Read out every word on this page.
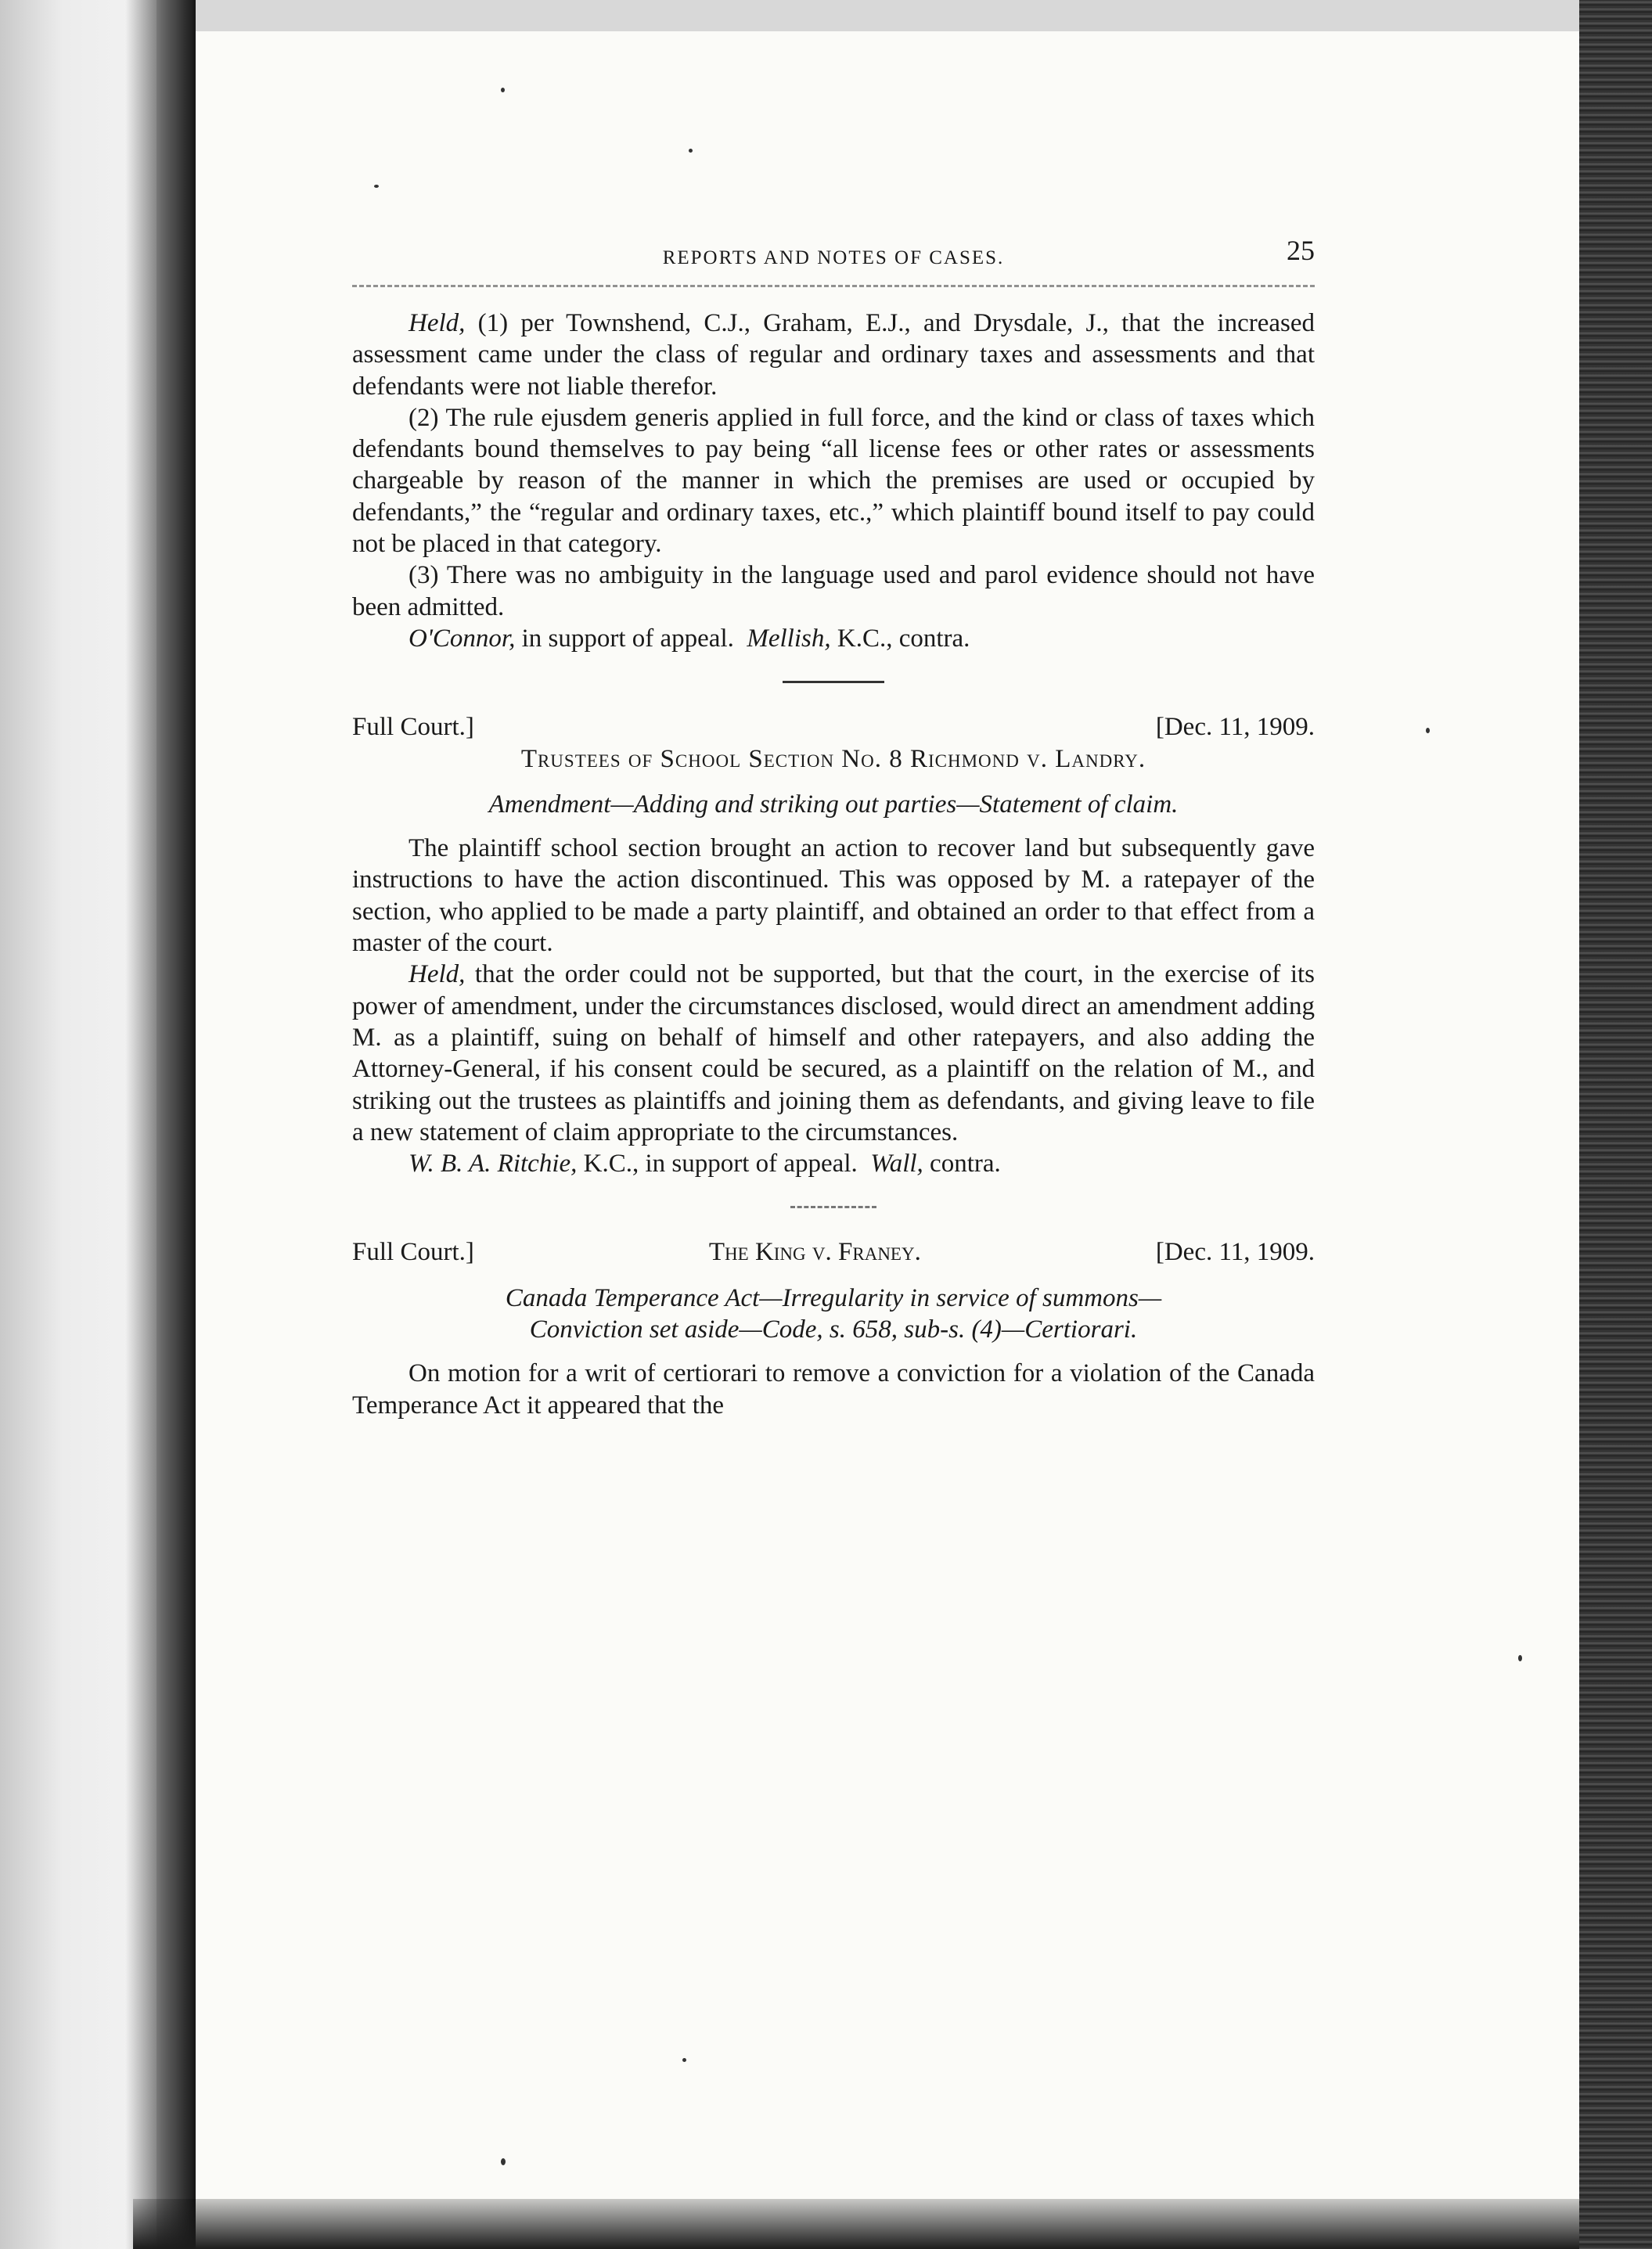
REPORTS AND NOTES OF CASES.	25

Held, (1) per Townshend, C.J., Graham, E.J., and Drysdale, J., that the increased assessment came under the class of regular and ordinary taxes and assessments and that defendants were not liable therefor.

(2) The rule ejusdem generis applied in full force, and the kind or class of taxes which defendants bound themselves to pay being “all license fees or other rates or assessments chargeable by reason of the manner in which the premises are used or occupied by defendants,” the “regular and ordinary taxes, etc.,” which plaintiff bound itself to pay could not be placed in that category.

(3) There was no ambiguity in the language used and parol evidence should not have been admitted.

O'Connor, in support of appeal. Mellish, K.C., contra.

Full Court.]	[Dec. 11, 1909.
Trustees of School Section No. 8 Richmond v. Landry.
Amendment—Adding and striking out parties—Statement of claim.

The plaintiff school section brought an action to recover land but subsequently gave instructions to have the action discontinued. This was opposed by M. a ratepayer of the section, who applied to be made a party plaintiff, and obtained an order to that effect from a master of the court.

Held, that the order could not be supported, but that the court, in the exercise of its power of amendment, under the circumstances disclosed, would direct an amendment adding M. as a plaintiff, suing on behalf of himself and other ratepayers, and also adding the Attorney-General, if his consent could be secured, as a plaintiff on the relation of M., and striking out the trustees as plaintiffs and joining them as defendants, and giving leave to file a new statement of claim appropriate to the circumstances.

W. B. A. Ritchie, K.C., in support of appeal. Wall, contra.

Full Court.]	The King v. Franey.	[Dec. 11, 1909.
Canada Temperance Act—Irregularity in service of summons—
Conviction set aside—Code, s. 658, sub-s. (4)—Certiorari.

On motion for a writ of certiorari to remove a conviction for a violation of the Canada Temperance Act it appeared that the
